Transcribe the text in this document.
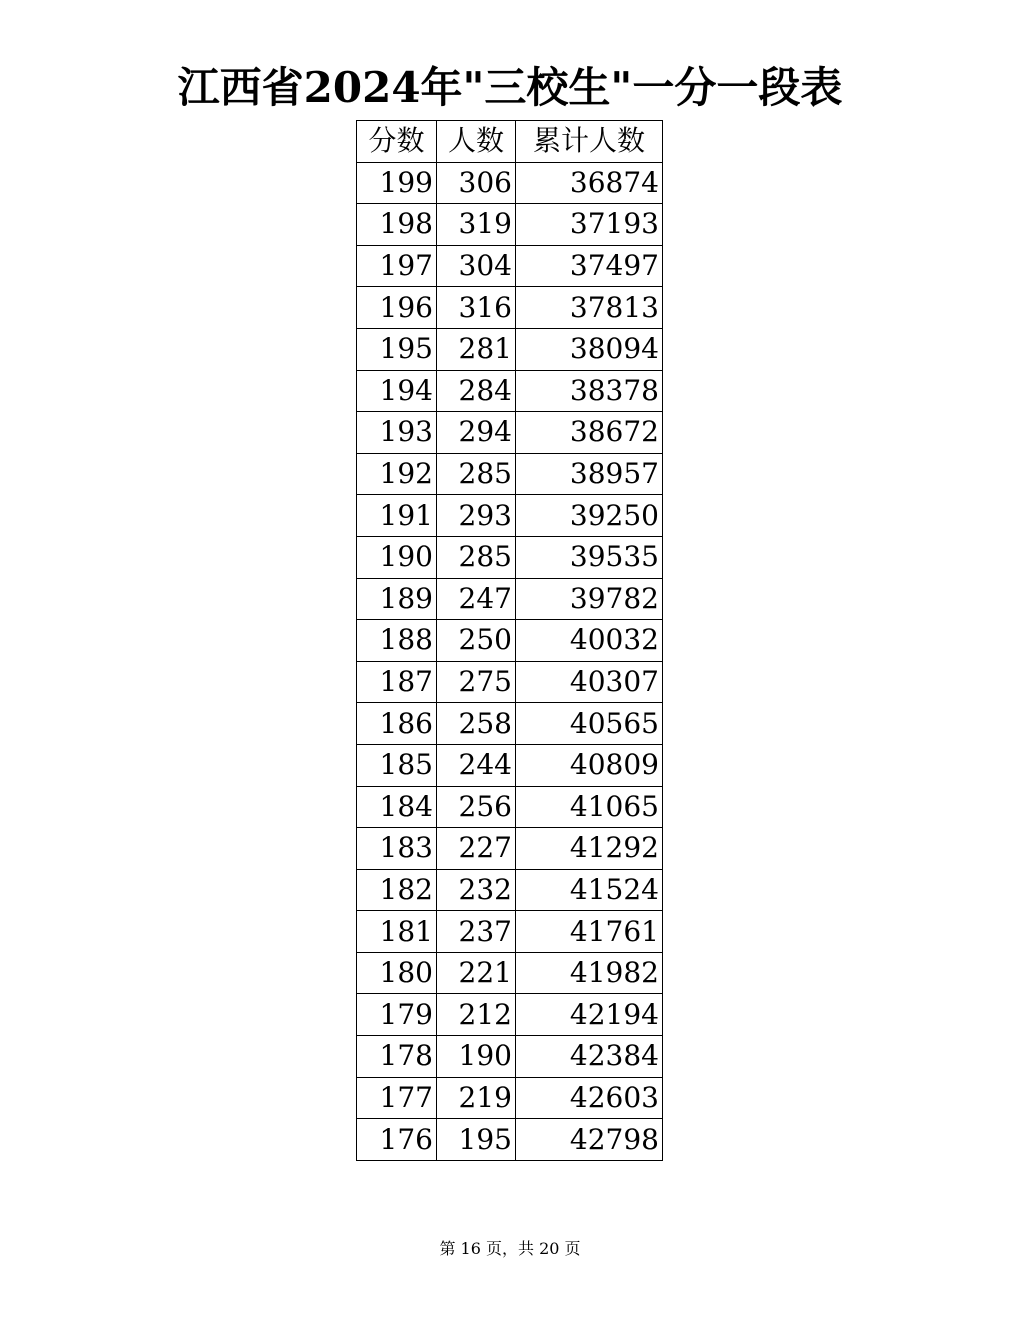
江西省2024年"三校生"一分一段表
分数	人数	累计人数
199	306	36874
198	319	37193
197	304	37497
196	316	37813
195	281	38094
194	284	38378
193	294	38672
192	285	38957
191	293	39250
190	285	39535
189	247	39782
188	250	40032
187	275	40307
186	258	40565
185	244	40809
184	256	41065
183	227	41292
182	232	41524
181	237	41761
180	221	41982
179	212	42194
178	190	42384
177	219	42603
176	195	42798
第 16 页，共 20 页
